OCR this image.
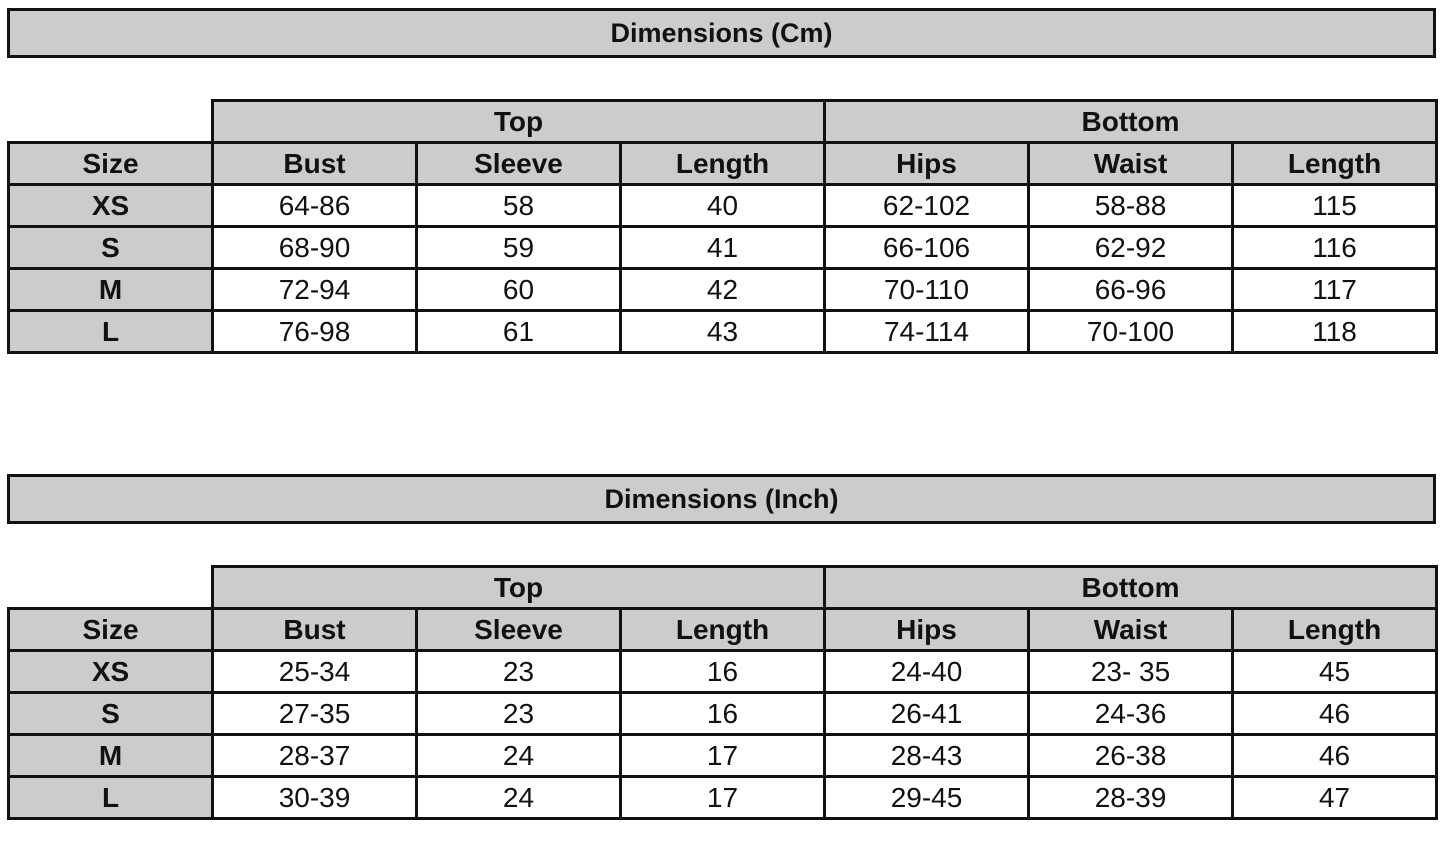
Dimensions (Cm)
	Top			Bottom		
Size	Bust	Sleeve	Length	Hips	Waist	Length
XS	64-86	58	40	62-102	58-88	115
S	68-90	59	41	66-106	62-92	116
M	72-94	60	42	70-110	66-96	117
L	76-98	61	43	74-114	70-100	118
Dimensions (Inch)
	Top			Bottom		
Size	Bust	Sleeve	Length	Hips	Waist	Length
XS	25-34	23	16	24-40	23- 35	45
S	27-35	23	16	26-41	24-36	46
M	28-37	24	17	28-43	26-38	46
L	30-39	24	17	29-45	28-39	47
